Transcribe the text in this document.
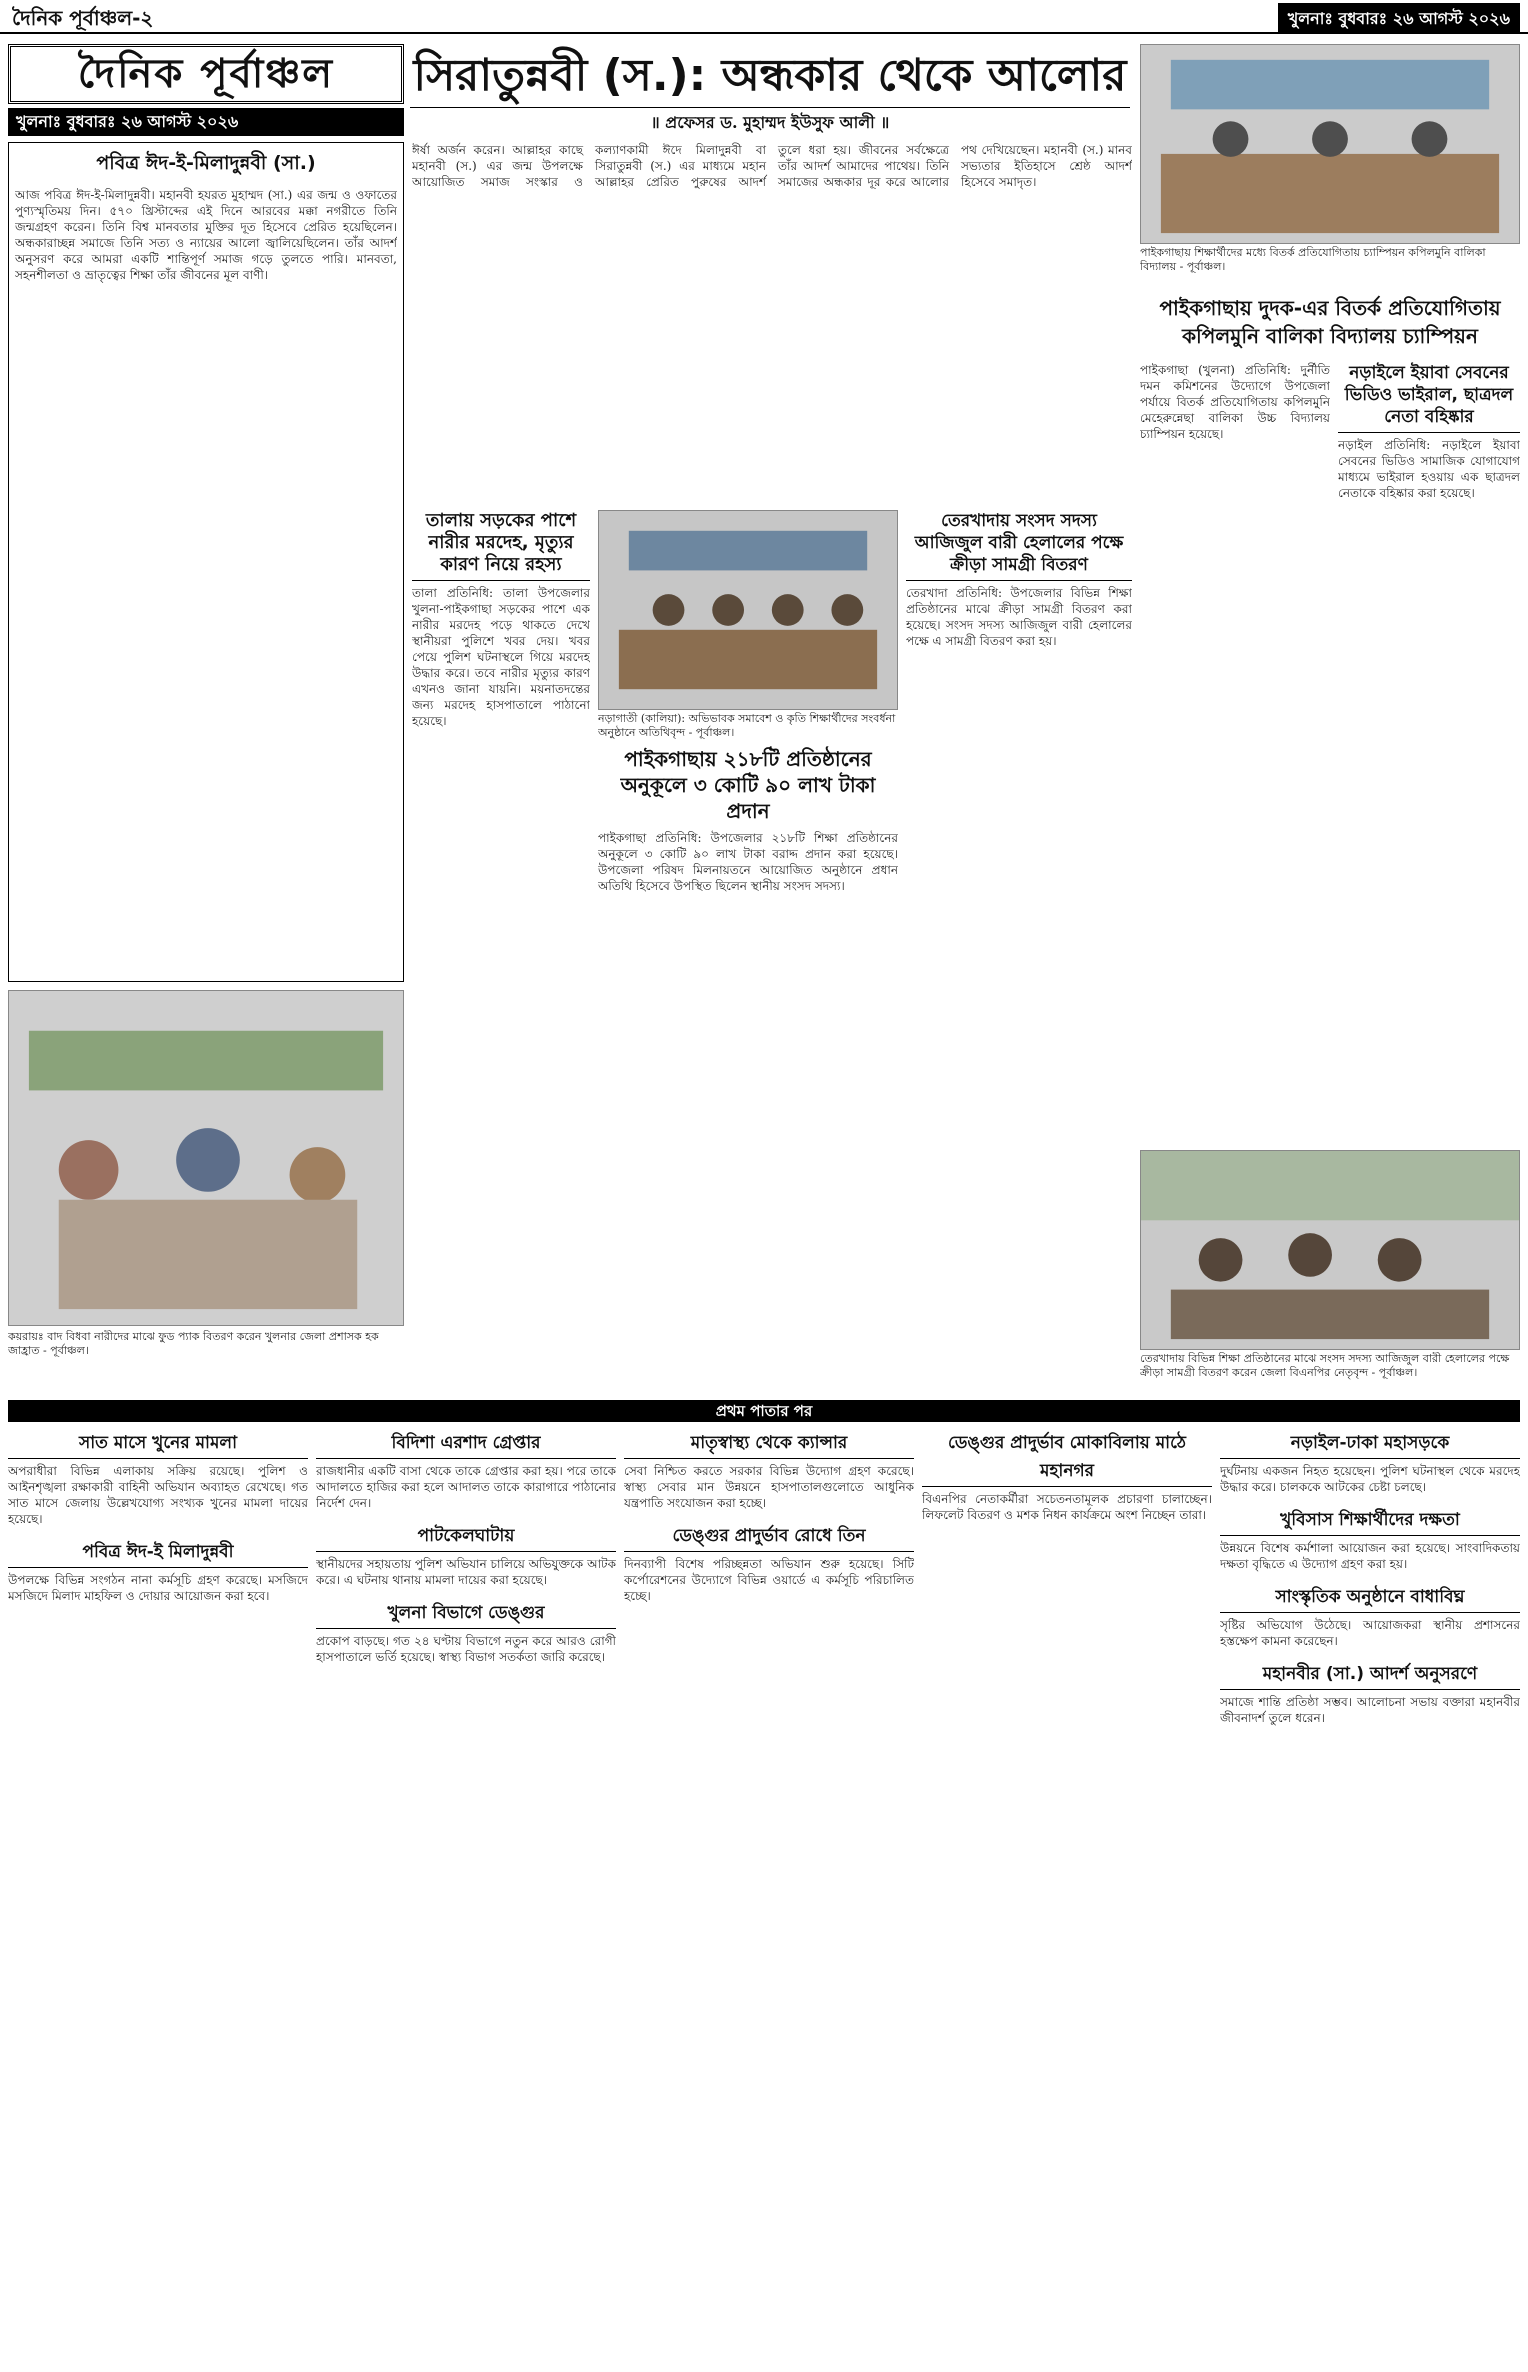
দৈনিক পূর্বাঞ্চল-২	খুলনাঃ বুধবারঃ ২৬ আগস্ট ২০২৬
দৈনিক পূর্বাঞ্চল
খুলনাঃ বুধবারঃ ২৬ আগস্ট ২০২৬
সিরাতুন্নবী (স.): অন্ধকার থেকে আলোর
॥ প্রফেসর ড. মুহাম্মদ ইউসুফ আলী ॥
পবিত্র ঈদ-ই-মিলাদুন্নবী (সা.)
আজ পবিত্র ঈদ-ই-মিলাদুন্নবী। মহানবী হযরত মুহাম্মদ (সা.) এর জন্ম ও ওফাতের পুণ্যস্মৃতিময় দিন। ৫৭০ খ্রিস্টাব্দের এই দিনে আরবের মক্কা নগরীতে তিনি জন্মগ্রহণ করেন। তিনি বিশ্ব মানবতার মুক্তির দূত হিসেবে প্রেরিত হয়েছিলেন। অন্ধকারাচ্ছন্ন সমাজে তিনি সত্য ও ন্যায়ের আলো জ্বালিয়েছিলেন। তাঁর আদর্শ অনুসরণ করে আমরা একটি শান্তিপূর্ণ সমাজ গড়ে তুলতে পারি। মানবতা, সহনশীলতা ও ভ্রাতৃত্বের শিক্ষা তাঁর জীবনের মূল বাণী।
কয়রায়ঃ বাদ বিধবা নারীদের মাঝে ফুড প্যাক বিতরণ করেন খুলনার জেলা প্রশাসক হক জাহ্রাত - পূর্বাঞ্চল।
ঈর্ষা অর্জন করেন। আল্লাহর কাছে মহানবী (স.) এর জন্ম উপলক্ষে আয়োজিত সমাজ সংস্কার ও কল্যাণকামী ঈদে মিলাদুন্নবী বা সিরাতুন্নবী (স.) এর মাধ্যমে মহান আল্লাহর প্রেরিত পুরুষের আদর্শ তুলে ধরা হয়। জীবনের সর্বক্ষেত্রে তাঁর আদর্শ আমাদের পাথেয়। তিনি সমাজের অন্ধকার দূর করে আলোর পথ দেখিয়েছেন। মহানবী (স.) মানব সভ্যতার ইতিহাসে শ্রেষ্ঠ আদর্শ হিসেবে সমাদৃত।
তালায় সড়কের পাশে নারীর মরদেহ, মৃত্যুর কারণ নিয়ে রহস্য
তালা প্রতিনিধি: তালা উপজেলার খুলনা-পাইকগাছা সড়কের পাশে এক নারীর মরদেহ পড়ে থাকতে দেখে স্থানীয়রা পুলিশে খবর দেয়। খবর পেয়ে পুলিশ ঘটনাস্থলে গিয়ে মরদেহ উদ্ধার করে। তবে নারীর মৃত্যুর কারণ এখনও জানা যায়নি। ময়নাতদন্তের জন্য মরদেহ হাসপাতালে পাঠানো হয়েছে।	নড়াগাতী (কালিয়া): অভিভাবক সমাবেশ ও কৃতি শিক্ষার্থীদের সংবর্ধনা অনুষ্ঠানে অতিথিবৃন্দ - পূর্বাঞ্চল।
পাইকগাছায় ২১৮টি প্রতিষ্ঠানের অনুকূলে ৩ কোটি ৯০ লাখ টাকা প্রদান
পাইকগাছা প্রতিনিধি: উপজেলার ২১৮টি শিক্ষা প্রতিষ্ঠানের অনুকূলে ৩ কোটি ৯০ লাখ টাকা বরাদ্দ প্রদান করা হয়েছে। উপজেলা পরিষদ মিলনায়তনে আয়োজিত অনুষ্ঠানে প্রধান অতিথি হিসেবে উপস্থিত ছিলেন স্থানীয় সংসদ সদস্য।
তেরখাদায় সংসদ সদস্য আজিজুল বারী হেলালের পক্ষে ক্রীড়া সামগ্রী বিতরণ
তেরখাদা প্রতিনিধি: উপজেলার বিভিন্ন শিক্ষা প্রতিষ্ঠানের মাঝে ক্রীড়া সামগ্রী বিতরণ করা হয়েছে। সংসদ সদস্য আজিজুল বারী হেলালের পক্ষে এ সামগ্রী বিতরণ করা হয়।
পাইকগাছায় শিক্ষার্থীদের মধ্যে বিতর্ক প্রতিযোগিতায় চ্যাম্পিয়ন কপিলমুনি বালিকা বিদ্যালয় - পূর্বাঞ্চল।
পাইকগাছায় দুদক-এর বিতর্ক প্রতিযোগিতায় কপিলমুনি বালিকা বিদ্যালয় চ্যাম্পিয়ন
পাইকগাছা (খুলনা) প্রতিনিধি: দুর্নীতি দমন কমিশনের উদ্যোগে উপজেলা পর্যায়ে বিতর্ক প্রতিযোগিতায় কপিলমুনি মেহেরুন্নেছা বালিকা উচ্চ বিদ্যালয় চ্যাম্পিয়ন হয়েছে।
নড়াইলে ইয়াবা সেবনের ভিডিও ভাইরাল, ছাত্রদল নেতা বহিষ্কার
নড়াইল প্রতিনিধি: নড়াইলে ইয়াবা সেবনের ভিডিও সামাজিক যোগাযোগ মাধ্যমে ভাইরাল হওয়ায় এক ছাত্রদল নেতাকে বহিষ্কার করা হয়েছে।
তেরখাদায় বিভিন্ন শিক্ষা প্রতিষ্ঠানের মাঝে সংসদ সদস্য আজিজুল বারী হেলালের পক্ষে ক্রীড়া সামগ্রী বিতরণ করেন জেলা বিএনপির নেতৃবৃন্দ - পূর্বাঞ্চল।
প্রথম পাতার পর
সাত মাসে খুনের মামলা
অপরাধীরা বিভিন্ন এলাকায় সক্রিয় রয়েছে। পুলিশ ও আইনশৃঙ্খলা রক্ষাকারী বাহিনী অভিযান অব্যাহত রেখেছে। গত সাত মাসে জেলায় উল্লেখযোগ্য সংখ্যক খুনের মামলা দায়ের হয়েছে।
পবিত্র ঈদ-ই মিলাদুন্নবী
উপলক্ষে বিভিন্ন সংগঠন নানা কর্মসূচি গ্রহণ করেছে। মসজিদে মসজিদে মিলাদ মাহফিল ও দোয়ার আয়োজন করা হবে।
বিদিশা এরশাদ গ্রেপ্তার
রাজধানীর একটি বাসা থেকে তাকে গ্রেপ্তার করা হয়। পরে তাকে আদালতে হাজির করা হলে আদালত তাকে কারাগারে পাঠানোর নির্দেশ দেন।
পাটকেলঘাটায়
স্থানীয়দের সহায়তায় পুলিশ অভিযান চালিয়ে অভিযুক্তকে আটক করে। এ ঘটনায় থানায় মামলা দায়ের করা হয়েছে।
খুলনা বিভাগে ডেঙ্গুর
প্রকোপ বাড়ছে। গত ২৪ ঘণ্টায় বিভাগে নতুন করে আরও রোগী হাসপাতালে ভর্তি হয়েছে। স্বাস্থ্য বিভাগ সতর্কতা জারি করেছে।
মাতৃস্বাস্থ্য থেকে ক্যান্সার
সেবা নিশ্চিত করতে সরকার বিভিন্ন উদ্যোগ গ্রহণ করেছে। স্বাস্থ্য সেবার মান উন্নয়নে হাসপাতালগুলোতে আধুনিক যন্ত্রপাতি সংযোজন করা হচ্ছে।
ডেঙ্গুর প্রাদুর্ভাব রোধে তিন
দিনব্যাপী বিশেষ পরিচ্ছন্নতা অভিযান শুরু হয়েছে। সিটি কর্পোরেশনের উদ্যোগে বিভিন্ন ওয়ার্ডে এ কর্মসূচি পরিচালিত হচ্ছে।
ডেঙ্গুর প্রাদুর্ভাব মোকাবিলায় মাঠে মহানগর
বিএনপির নেতাকর্মীরা সচেতনতামূলক প্রচারণা চালাচ্ছেন। লিফলেট বিতরণ ও মশক নিধন কার্যক্রমে অংশ নিচ্ছেন তারা।
নড়াইল-ঢাকা মহাসড়কে
দুর্ঘটনায় একজন নিহত হয়েছেন। পুলিশ ঘটনাস্থল থেকে মরদেহ উদ্ধার করে। চালককে আটকের চেষ্টা চলছে।
খুবিসাস শিক্ষার্থীদের দক্ষতা
উন্নয়নে বিশেষ কর্মশালা আয়োজন করা হয়েছে। সাংবাদিকতায় দক্ষতা বৃদ্ধিতে এ উদ্যোগ গ্রহণ করা হয়।
সাংস্কৃতিক অনুষ্ঠানে বাধাবিঘ্ন
সৃষ্টির অভিযোগ উঠেছে। আয়োজকরা স্থানীয় প্রশাসনের হস্তক্ষেপ কামনা করেছেন।
মহানবীর (সা.) আদর্শ অনুসরণে
সমাজে শান্তি প্রতিষ্ঠা সম্ভব। আলোচনা সভায় বক্তারা মহানবীর জীবনাদর্শ তুলে ধরেন।
